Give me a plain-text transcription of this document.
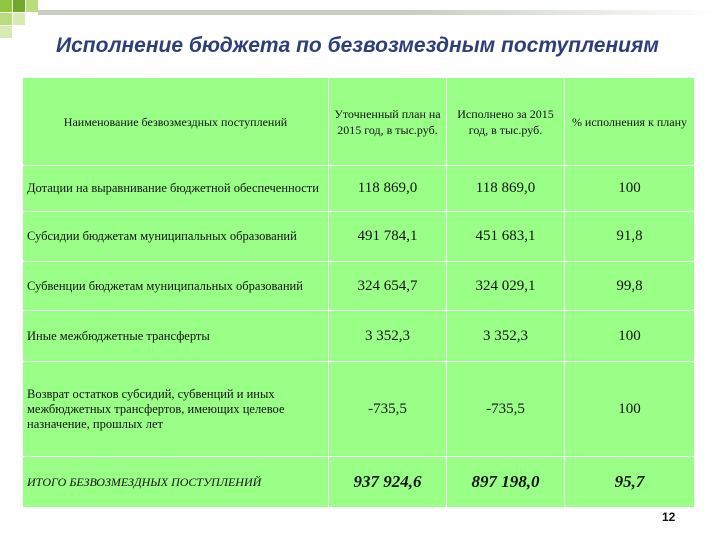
Исполнение бюджета по безвозмездным поступлениям
Наименование безвозмездных поступлений	Уточненный план на 2015 год, в тыс.руб.	Исполнено за 2015 год, в тыс.руб.	% исполнения к плану
Дотации на выравнивание бюджетной обеспеченности	118 869,0	118 869,0	100
Субсидии бюджетам муниципальных образований	491 784,1	451 683,1	91,8
Субвенции бюджетам муниципальных образований	324 654,7	324 029,1	99,8
Иные межбюджетные трансферты	3 352,3	3 352,3	100
Возврат остатков субсидий, субвенций и иных межбюджетных трансфертов, имеющих целевое назначение, прошлых лет	-735,5	-735,5	100
ИТОГО БЕЗВОЗМЕЗДНЫХ ПОСТУПЛЕНИЙ	937 924,6	897 198,0	95,7
12
